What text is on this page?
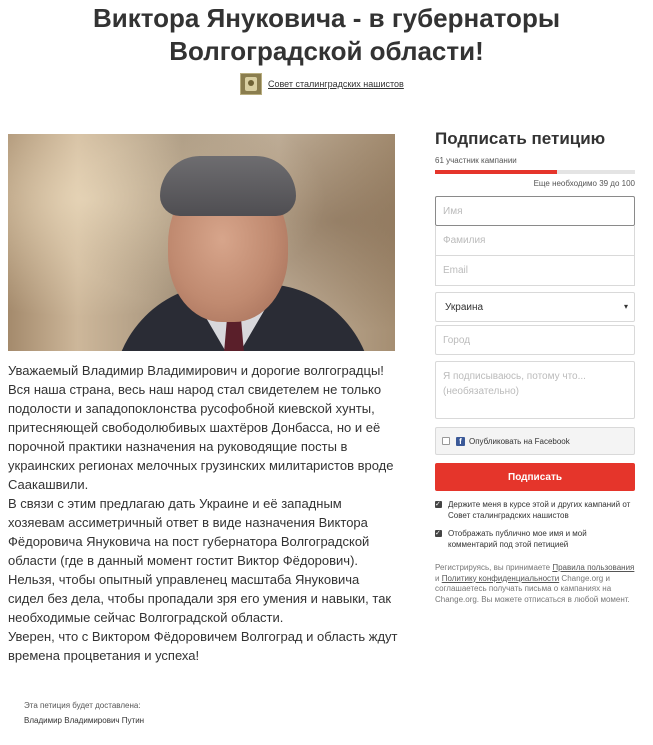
Виктора Януковича - в губернаторы
Волгоградской области!
Совет сталинградских нашистов

Уважаемый Владимир Владимирович и дорогие волгоградцы!

Вся наша страна, весь наш народ стал свидетелем не только подолости и западопоклонства русофобной киевской хунты, притесняющей свободолюбивых шахтёров Донбасса, но и её порочной практики назначения на руководящие посты в украинских регионах мелочных грузинских милитаристов вроде Саакашвили.

В связи с этим предлагаю дать Украине и её западным хозяевам ассиметричный ответ в виде назначения Виктора Фёдоровича Януковича на пост губернатора Волгоградской области (где в данный момент гостит Виктор Фёдорович).

Нельзя, чтобы опытный управленец масштаба Януковича сидел без дела, чтобы пропадали зря его умения и навыки, так необходимые сейчас Волгоградской области.

Уверен, что с Виктором Фёдоровичем Волгоград и область ждут времена процветания и успеха!

Эта петиция будет доставлена:
Владимир Владимирович Путин
Подписать петицию
61 участник кампании
Еще необходимо 39 до 100
Имя
Фамилия
Email
Украина	▾
Город
Я подписываюсь, потому что... (необязательно)
f Опубликовать на Facebook
Подписать
✓
Держите меня в курсе этой и других кампаний от Совет сталинградских нашистов
✓
Отображать публично мое имя и мой комментарий под этой петицией
Регистрируясь, вы принимаете Правила пользования и Политику конфиденциальности Change.org и соглашаетесь получать письма о кампаниях на Change.org. Вы можете отписаться в любой момент.
